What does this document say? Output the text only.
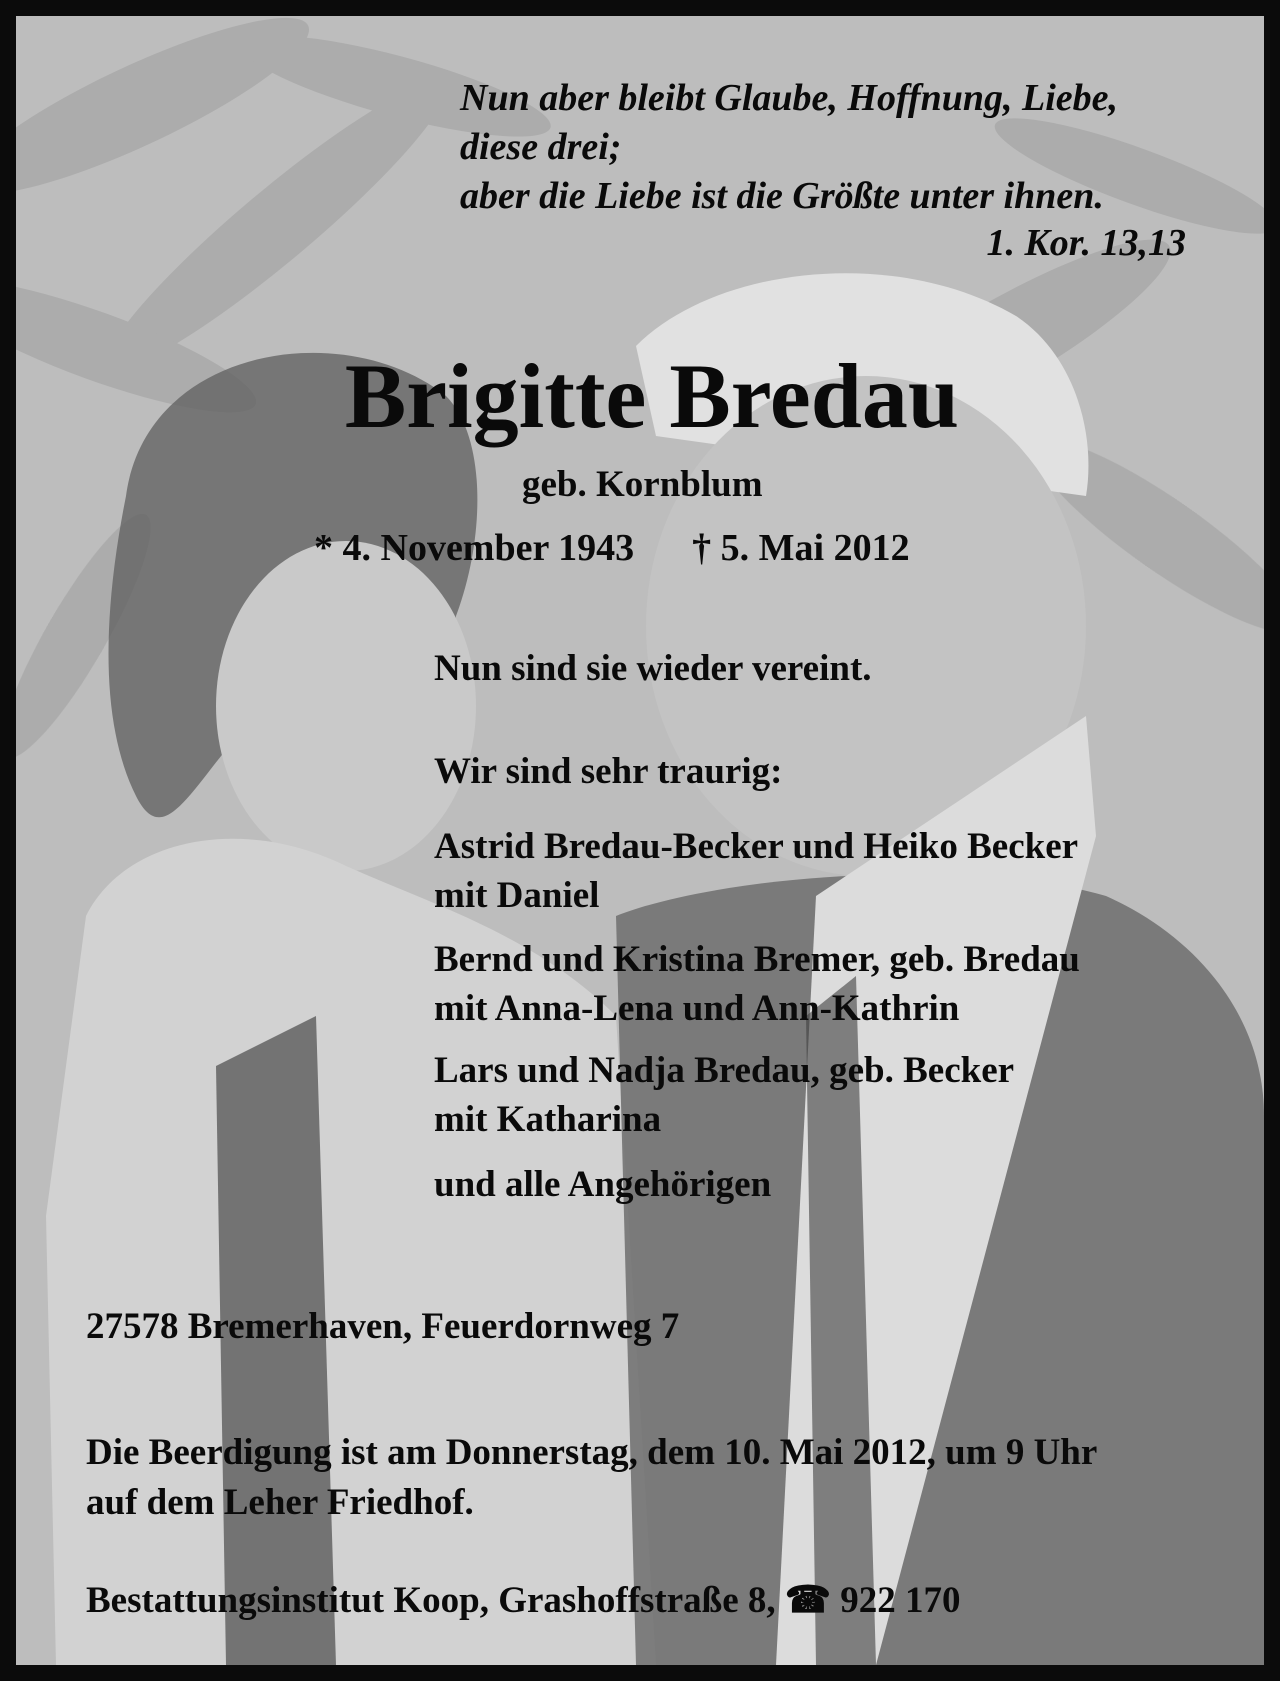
Nun aber bleibt Glaube, Hoffnung, Liebe,
diese drei;
aber die Liebe ist die Größte unter ihnen.
1. Kor. 13,13
Brigitte Bredau
geb. Kornblum
* 4. November 1943 † 5. Mai 2012
Nun sind sie wieder vereint.
Wir sind sehr traurig:
Astrid Bredau-Becker und Heiko Becker
mit Daniel
Bernd und Kristina Bremer, geb. Bredau
mit Anna-Lena und Ann-Kathrin
Lars und Nadja Bredau, geb. Becker
mit Katharina
und alle Angehörigen
27578 Bremerhaven, Feuerdornweg 7
Die Beerdigung ist am Donnerstag, dem 10. Mai 2012, um 9 Uhr
auf dem Leher Friedhof.
Bestattungsinstitut Koop, Grashoffstraße 8, ☎ 922 170
